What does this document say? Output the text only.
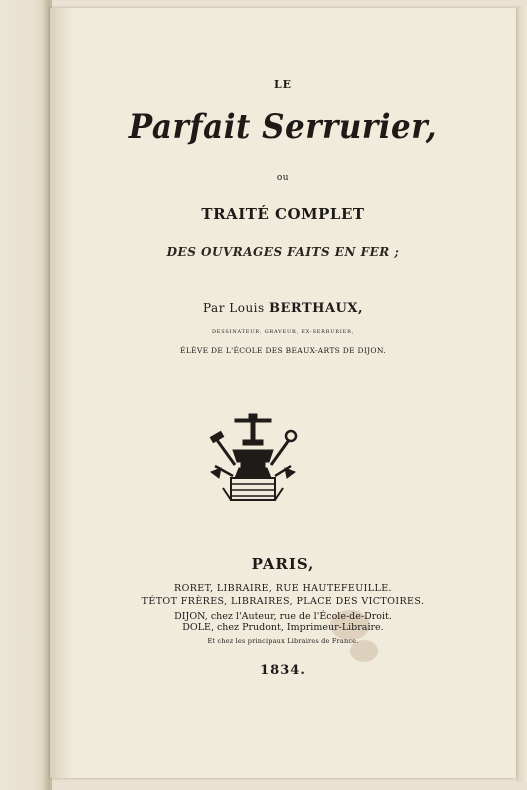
LE
Parfait Serrurier,
ou
TRAITÉ COMPLET
DES OUVRAGES FAITS EN FER ;
Par Louis BERTHAUX,
DESSINATEUR, GRAVEUR, EX-SERRURIER,
ÉLÈVE DE L'ÉCOLE DES BEAUX-ARTS DE DIJON.
PARIS,
RORET, LIBRAIRE, RUE HAUTEFEUILLE.
TÉTOT FRÈRES, LIBRAIRES, PLACE DES VICTOIRES.
DIJON, chez l'Auteur, rue de l'École-de-Droit.
DOLE, chez Prudont, Imprimeur-Libraire.
Et chez les principaux Libraires de France.
1834.
